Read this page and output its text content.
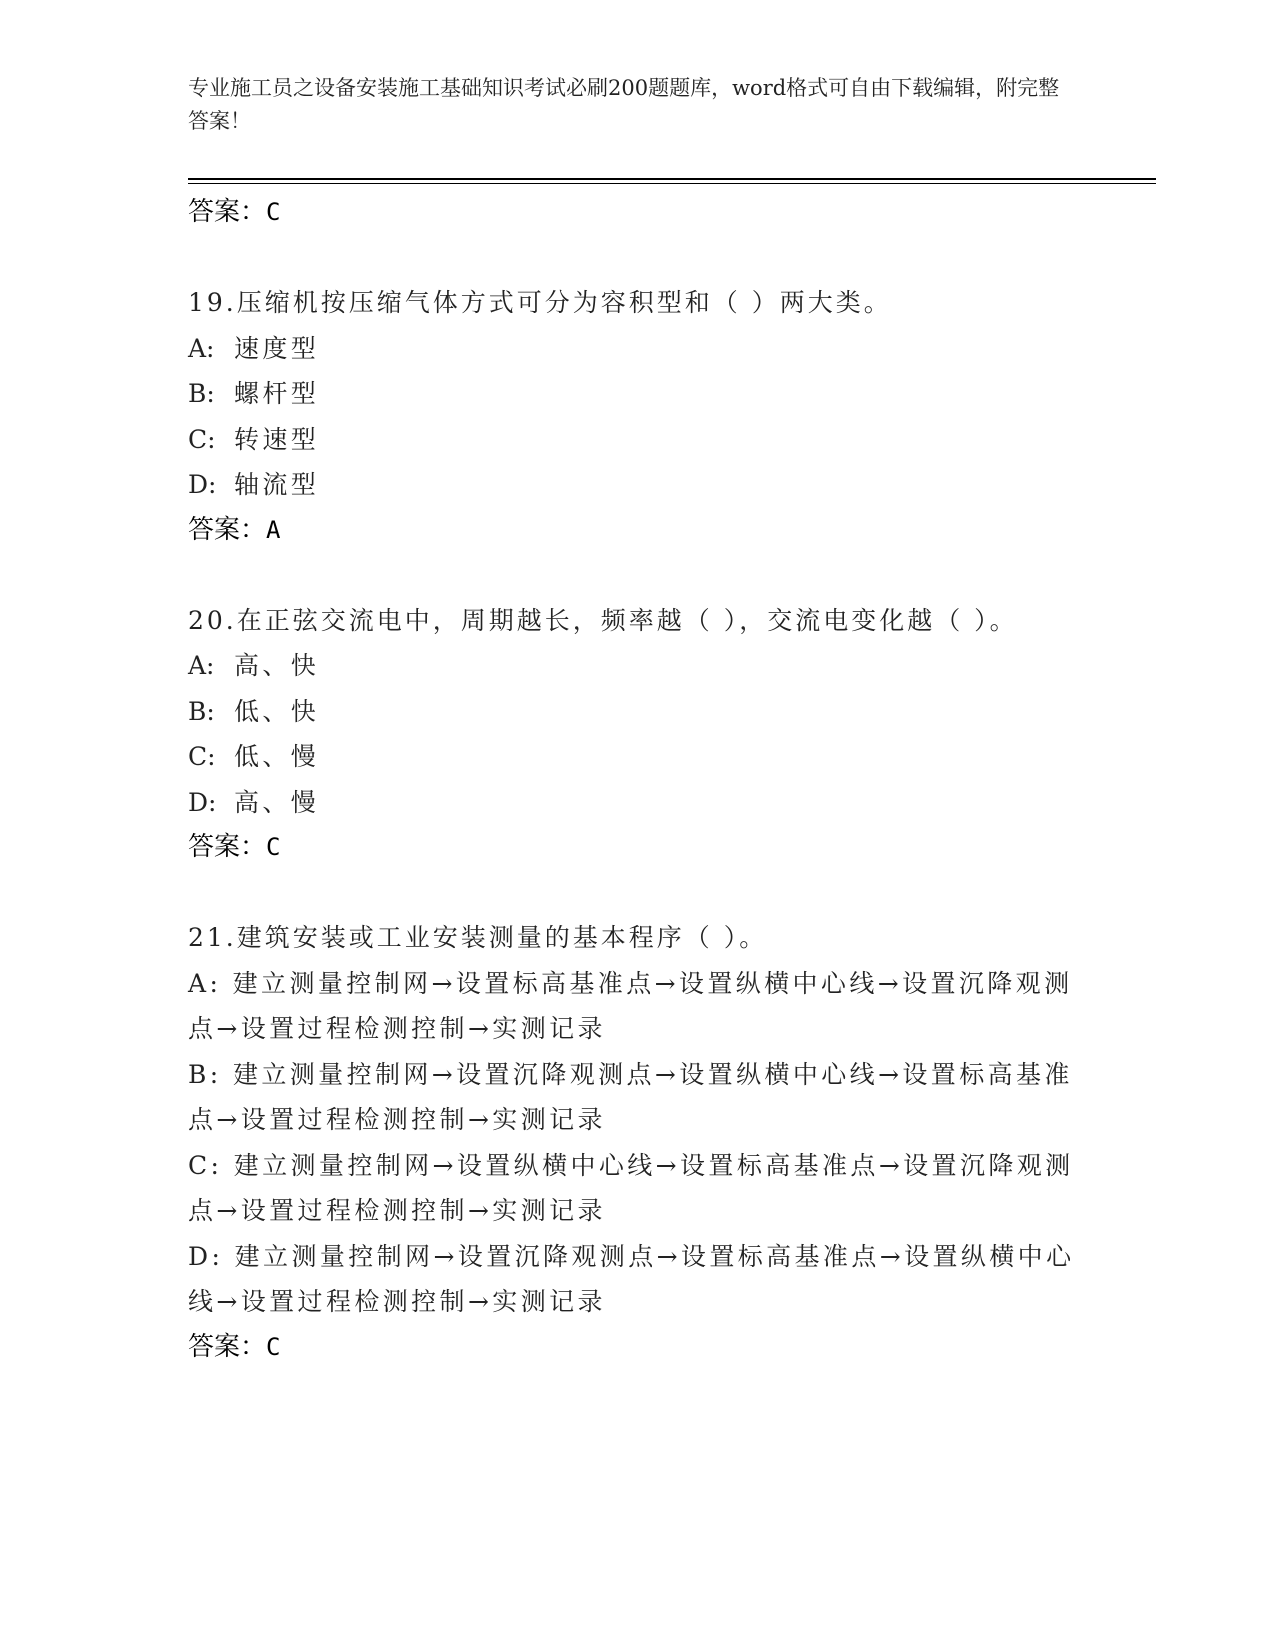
专业施工员之设备安装施工基础知识考试必刷200题题库，word格式可自由下载编辑，附完整答案！
答案：C
19.压缩机按压缩气体方式可分为容积型和（ ）两大类。
A: 速度型
B: 螺杆型
C: 转速型
D: 轴流型
答案：A
20.在正弦交流电中，周期越长，频率越（ ），交流电变化越（ ）。
A: 高、快
B: 低、快
C: 低、慢
D: 高、慢
答案：C
21.建筑安装或工业安装测量的基本程序（ ）。
A: 建立测量控制网→设置标高基准点→设置纵横中心线→设置沉降观测点→设置过程检测控制→实测记录
B: 建立测量控制网→设置沉降观测点→设置纵横中心线→设置标高基准点→设置过程检测控制→实测记录
C: 建立测量控制网→设置纵横中心线→设置标高基准点→设置沉降观测点→设置过程检测控制→实测记录
D: 建立测量控制网→设置沉降观测点→设置标高基准点→设置纵横中心线→设置过程检测控制→实测记录
答案：C
